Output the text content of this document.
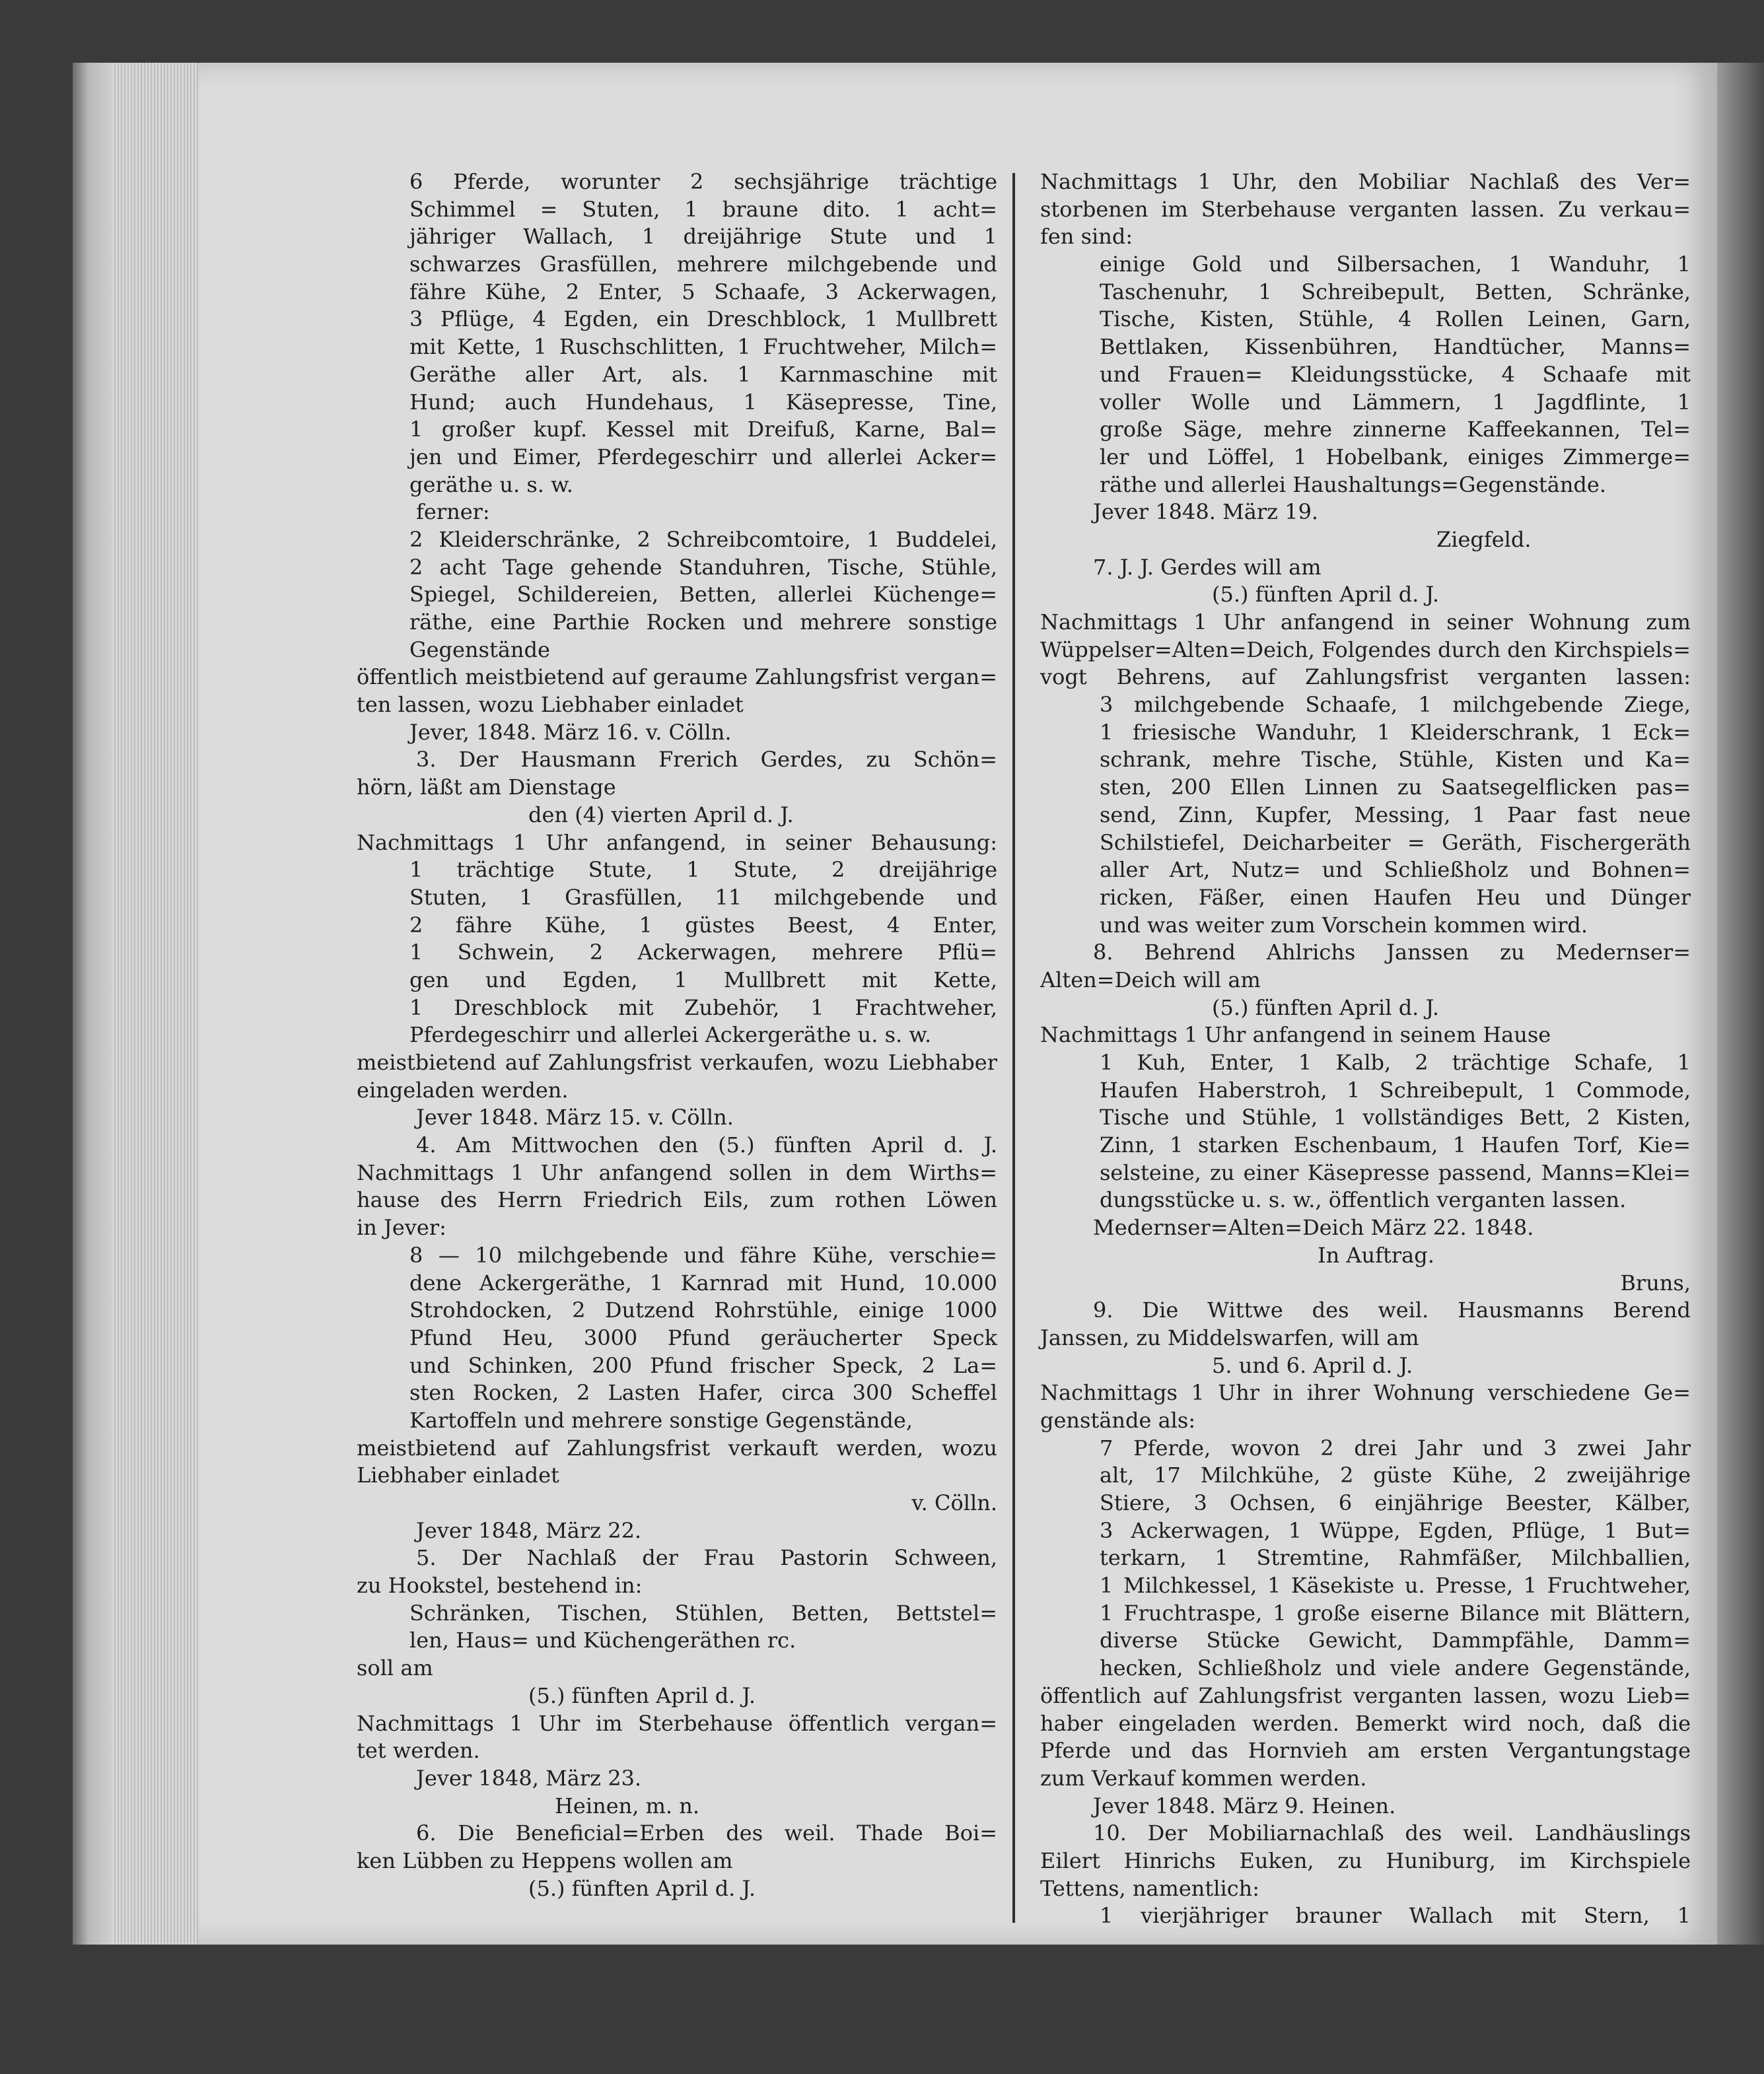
6 Pferde, worunter 2 sechsjährige trächtige
Schimmel = Stuten, 1 braune dito. 1 acht=
jähriger Wallach, 1 dreijährige Stute und 1
schwarzes Grasfüllen, mehrere milchgebende und
fähre Kühe, 2 Enter, 5 Schaafe, 3 Ackerwagen,
3 Pflüge, 4 Egden, ein Dreschblock, 1 Mullbrett
mit Kette, 1 Ruschschlitten, 1 Fruchtweher, Milch=
Geräthe aller Art, als. 1 Karnmaschine mit
Hund; auch Hundehaus, 1 Käsepresse, Tine,
1 großer kupf. Kessel mit Dreifuß, Karne, Bal=
jen und Eimer, Pferdegeschirr und allerlei Acker=
geräthe u. s. w.
ferner:
2 Kleiderschränke, 2 Schreibcomtoire, 1 Buddelei,
2 acht Tage gehende Standuhren, Tische, Stühle,
Spiegel, Schildereien, Betten, allerlei Küchenge=
räthe, eine Parthie Rocken und mehrere sonstige
Gegenstände
öffentlich meistbietend auf geraume Zahlungsfrist vergan=
ten lassen, wozu Liebhaber einladet
Jever, 1848. März 16. v. Cölln.
3. Der Hausmann Frerich Gerdes, zu Schön=
hörn, läßt am Dienstage
den (4) vierten April d. J.
Nachmittags 1 Uhr anfangend, in seiner Behausung:
1 trächtige Stute, 1 Stute, 2 dreijährige
Stuten, 1 Grasfüllen, 11 milchgebende und
2 fähre Kühe, 1 güstes Beest, 4 Enter,
1 Schwein, 2 Ackerwagen, mehrere Pflü=
gen und Egden, 1 Mullbrett mit Kette,
1 Dreschblock mit Zubehör, 1 Frachtweher,
Pferdegeschirr und allerlei Ackergeräthe u. s. w.
meistbietend auf Zahlungsfrist verkaufen, wozu Liebhaber
eingeladen werden.
Jever 1848. März 15. v. Cölln.
4. Am Mittwochen den (5.) fünften April d. J.
Nachmittags 1 Uhr anfangend sollen in dem Wirths=
hause des Herrn Friedrich Eils, zum rothen Löwen
in Jever:
8 — 10 milchgebende und fähre Kühe, verschie=
dene Ackergeräthe, 1 Karnrad mit Hund, 10.000
Strohdocken, 2 Dutzend Rohrstühle, einige 1000
Pfund Heu, 3000 Pfund geräucherter Speck
und Schinken, 200 Pfund frischer Speck, 2 La=
sten Rocken, 2 Lasten Hafer, circa 300 Scheffel
Kartoffeln und mehrere sonstige Gegenstände,
meistbietend auf Zahlungsfrist verkauft werden, wozu
Liebhaber einladet
v. Cölln.
Jever 1848, März 22.
5. Der Nachlaß der Frau Pastorin Schween,
zu Hookstel, bestehend in:
Schränken, Tischen, Stühlen, Betten, Bettstel=
len, Haus= und Küchengeräthen rc.
soll am
(5.) fünften April d. J.
Nachmittags 1 Uhr im Sterbehause öffentlich vergan=
tet werden.
Jever 1848, März 23.
Heinen, m. n.
6. Die Beneficial=Erben des weil. Thade Boi=
ken Lübben zu Heppens wollen am
(5.) fünften April d. J.
Nachmittags 1 Uhr, den Mobiliar Nachlaß des Ver=
storbenen im Sterbehause verganten lassen. Zu verkau=
fen sind:
einige Gold und Silbersachen, 1 Wanduhr, 1
Taschenuhr, 1 Schreibepult, Betten, Schränke,
Tische, Kisten, Stühle, 4 Rollen Leinen, Garn,
Bettlaken, Kissenbühren, Handtücher, Manns=
und Frauen= Kleidungsstücke, 4 Schaafe mit
voller Wolle und Lämmern, 1 Jagdflinte, 1
große Säge, mehre zinnerne Kaffeekannen, Tel=
ler und Löffel, 1 Hobelbank, einiges Zimmerge=
räthe und allerlei Haushaltungs=Gegenstände.
Jever 1848. März 19.
Ziegfeld.
7. J. J. Gerdes will am
(5.) fünften April d. J.
Nachmittags 1 Uhr anfangend in seiner Wohnung zum
Wüppelser=Alten=Deich, Folgendes durch den Kirchspiels=
vogt Behrens, auf Zahlungsfrist verganten lassen:
3 milchgebende Schaafe, 1 milchgebende Ziege,
1 friesische Wanduhr, 1 Kleiderschrank, 1 Eck=
schrank, mehre Tische, Stühle, Kisten und Ka=
sten, 200 Ellen Linnen zu Saatsegelflicken pas=
send, Zinn, Kupfer, Messing, 1 Paar fast neue
Schilstiefel, Deicharbeiter = Geräth, Fischergeräth
aller Art, Nutz= und Schließholz und Bohnen=
ricken, Fäßer, einen Haufen Heu und Dünger
und was weiter zum Vorschein kommen wird.
8. Behrend Ahlrichs Janssen zu Medernser=
Alten=Deich will am
(5.) fünften April d. J.
Nachmittags 1 Uhr anfangend in seinem Hause
1 Kuh, Enter, 1 Kalb, 2 trächtige Schafe, 1
Haufen Haberstroh, 1 Schreibepult, 1 Commode,
Tische und Stühle, 1 vollständiges Bett, 2 Kisten,
Zinn, 1 starken Eschenbaum, 1 Haufen Torf, Kie=
selsteine, zu einer Käsepresse passend, Manns=Klei=
dungsstücke u. s. w., öffentlich verganten lassen.
Medernser=Alten=Deich März 22. 1848.
In Auftrag.
Bruns,
9. Die Wittwe des weil. Hausmanns Berend
Janssen, zu Middelswarfen, will am
5. und 6. April d. J.
Nachmittags 1 Uhr in ihrer Wohnung verschiedene Ge=
genstände als:
7 Pferde, wovon 2 drei Jahr und 3 zwei Jahr
alt, 17 Milchkühe, 2 güste Kühe, 2 zweijährige
Stiere, 3 Ochsen, 6 einjährige Beester, Kälber,
3 Ackerwagen, 1 Wüppe, Egden, Pflüge, 1 But=
terkarn, 1 Stremtine, Rahmfäßer, Milchballien,
1 Milchkessel, 1 Käsekiste u. Presse, 1 Fruchtweher,
1 Fruchtraspe, 1 große eiserne Bilance mit Blättern,
diverse Stücke Gewicht, Dammpfähle, Damm=
hecken, Schließholz und viele andere Gegenstände,
öffentlich auf Zahlungsfrist verganten lassen, wozu Lieb=
haber eingeladen werden. Bemerkt wird noch, daß die
Pferde und das Hornvieh am ersten Vergantungstage
zum Verkauf kommen werden.
Jever 1848. März 9. Heinen.
10. Der Mobiliarnachlaß des weil. Landhäuslings
Eilert Hinrichs Euken, zu Huniburg, im Kirchspiele
Tettens, namentlich:
1 vierjähriger brauner Wallach mit Stern, 1
